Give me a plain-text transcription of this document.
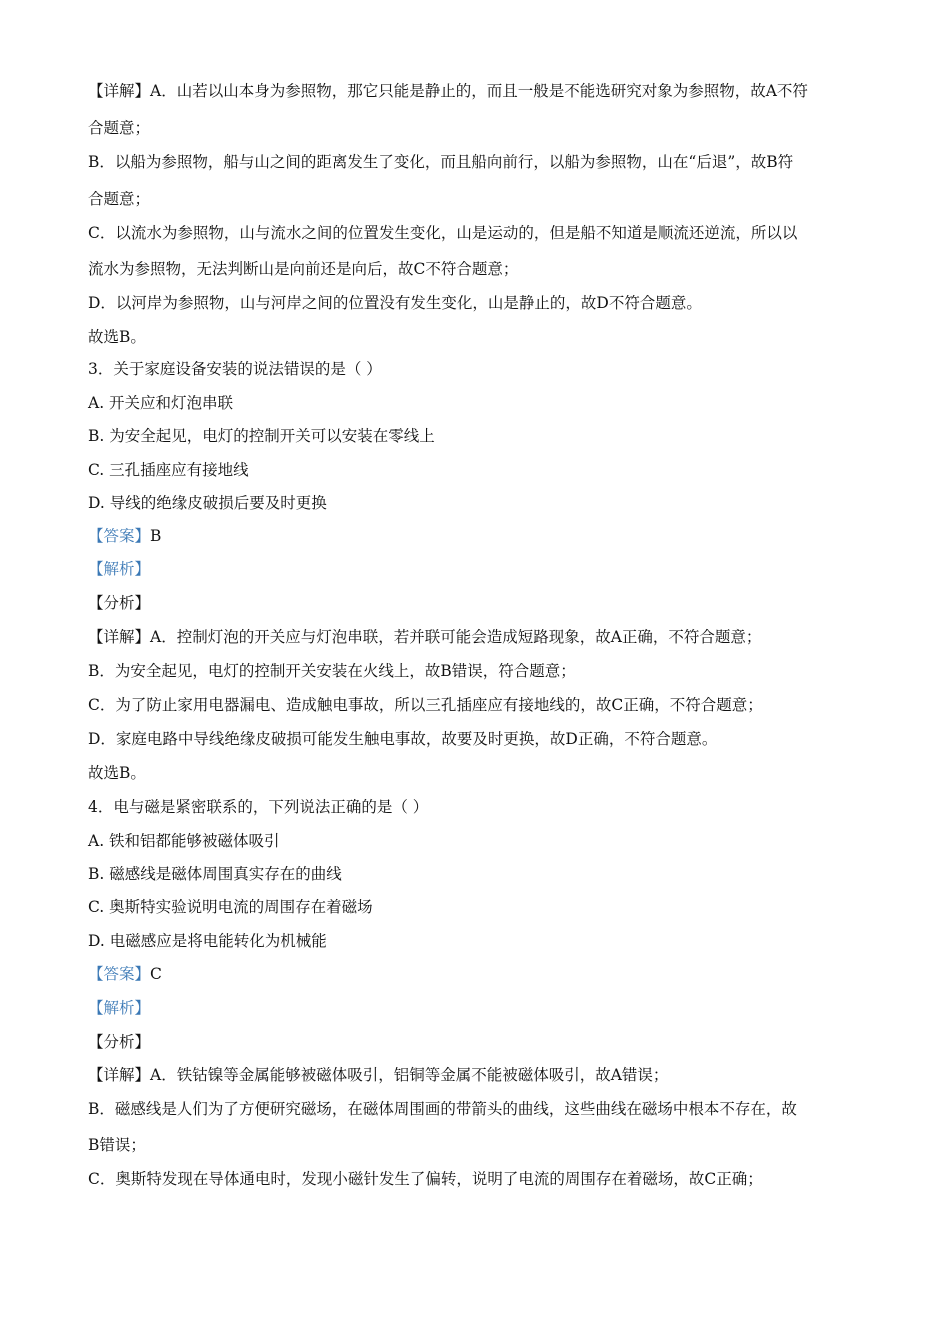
【详解】A．山若以山本身为参照物，那它只能是静止的，而且一般是不能选研究对象为参照物，故A不符
合题意；
B．以船为参照物，船与山之间的距离发生了变化，而且船向前行，以船为参照物，山在“后退”，故B符
合题意；
C．以流水为参照物，山与流水之间的位置发生变化，山是运动的，但是船不知道是顺流还逆流，所以以
流水为参照物，无法判断山是向前还是向后，故C不符合题意；
D．以河岸为参照物，山与河岸之间的位置没有发生变化，山是静止的，故D不符合题意。
故选B。
3．关于家庭设备安装的说法错误的是（ ）
A. 开关应和灯泡串联
B. 为安全起见，电灯的控制开关可以安装在零线上
C. 三孔插座应有接地线
D. 导线的绝缘皮破损后要及时更换
【答案】B
【解析】
【分析】
【详解】A．控制灯泡的开关应与灯泡串联，若并联可能会造成短路现象，故A正确，不符合题意；
B．为安全起见，电灯的控制开关安装在火线上，故B错误，符合题意；
C．为了防止家用电器漏电、造成触电事故，所以三孔插座应有接地线的，故C正确，不符合题意；
D．家庭电路中导线绝缘皮破损可能发生触电事故，故要及时更换，故D正确，不符合题意。
故选B。
4．电与磁是紧密联系的，下列说法正确的是（ ）
A. 铁和铝都能够被磁体吸引
B. 磁感线是磁体周围真实存在的曲线
C. 奥斯特实验说明电流的周围存在着磁场
D. 电磁感应是将电能转化为机械能
【答案】C
【解析】
【分析】
【详解】A．铁钴镍等金属能够被磁体吸引，铝铜等金属不能被磁体吸引，故A错误；
B．磁感线是人们为了方便研究磁场，在磁体周围画的带箭头的曲线，这些曲线在磁场中根本不存在，故
B错误；
C．奥斯特发现在导体通电时，发现小磁针发生了偏转，说明了电流的周围存在着磁场，故C正确；
